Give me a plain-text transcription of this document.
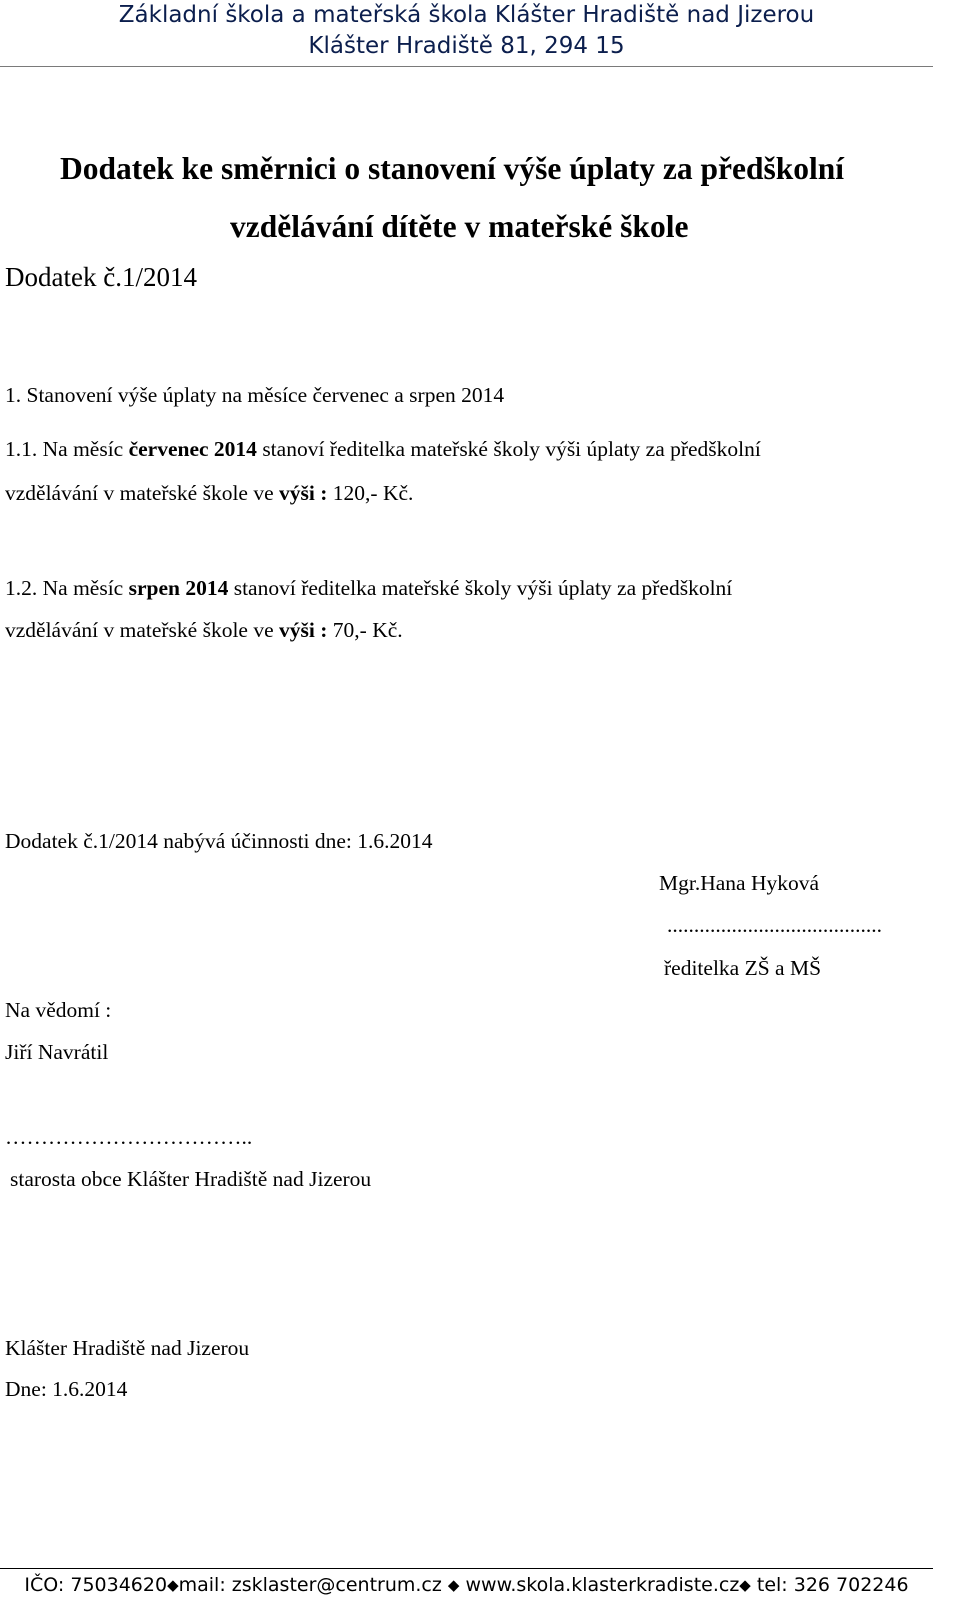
Základní škola a mateřská škola Klášter Hradiště nad Jizerou
Klášter Hradiště 81, 294 15
Dodatek ke směrnici o stanovení výše úplaty za předškolní
vzdělávání dítěte v mateřské škole
Dodatek č.1/2014
1. Stanovení výše úplaty na měsíce červenec a srpen 2014
1.1. Na měsíc červenec 2014 stanoví ředitelka mateřské školy výši úplaty za předškolní
vzdělávání v mateřské škole ve výši : 120,- Kč.
1.2. Na měsíc srpen 2014 stanoví ředitelka mateřské školy výši úplaty za předškolní
vzdělávání v mateřské škole ve výši : 70,- Kč.
Dodatek č.1/2014 nabývá účinnosti dne: 1.6.2014
Mgr.Hana Hyková
........................................
ředitelka ZŠ a MŠ
Na vědomí :
Jiří Navrátil
……………………………..
starosta obce Klášter Hradiště nad Jizerou
Klášter Hradiště nad Jizerou
Dne: 1.6.2014
IČO: 75034620◆mail: zsklaster@centrum.cz ◆ www.skola.klasterkradiste.cz◆ tel: 326 702246
